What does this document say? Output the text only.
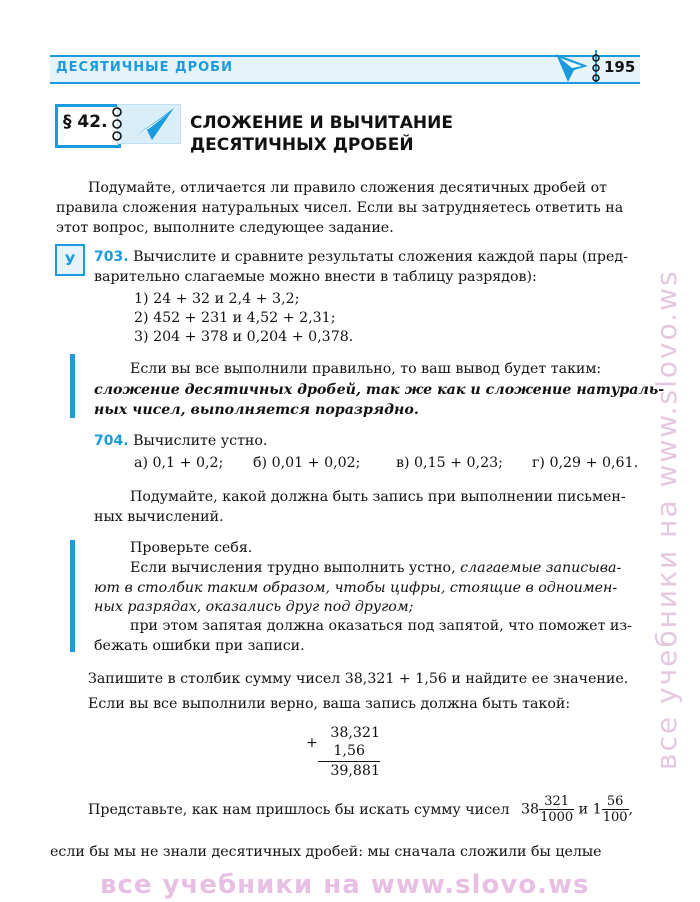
ДЕСЯТИЧНЫЕ ДРОБИ	195
§ 42.	СЛОЖЕНИЕ И ВЫЧИТАНИЕ
ДЕСЯТИЧНЫХ ДРОБЕЙ
Подумайте, отличается ли правило сложения десятичных дробей от
правила сложения натуральных чисел. Если вы затрудняетесь ответить на
этот вопрос, выполните следующее задание.
У	703. Вычислите и сравните результаты сложения каждой пары (пред-
варительно слагаемые можно внести в таблицу разрядов):
1) 24 + 32 и 2,4 + 3,2;
2) 452 + 231 и 4,52 + 2,31;
3) 204 + 378 и 0,204 + 0,378.
Если вы все выполнили правильно, то ваш вывод будет таким:
сложение десятичных дробей, так же как и сложение натураль-
ных чисел, выполняется поразрядно.
704. Вычислите устно.
а) 0,1 + 0,2; б) 0,01 + 0,02;	в) 0,15 + 0,23; г) 0,29 + 0,61.
Подумайте, какой должна быть запись при выполнении письмен-
ных вычислений.
Проверьте себя.
Если вычисления трудно выполнить устно, слагаемые записыва-
ют в столбик таким образом, чтобы цифры, стоящие в одноимен-
ных разрядах, оказались друг под другом;
при этом запятая должна оказаться под запятой, что поможет из-
бежать ошибки при записи.
Запишите в столбик сумму чисел 38,321 + 1,56 и найдите ее значение.
Если вы все выполнили верно, ваша запись должна быть такой:
38,321
1,56
39,881
+
Представьте, как нам пришлось бы искать сумму чисел $38 \frac{321}{1000}$ и $1 \frac{56}{100}$ ,
если бы мы не знали десятичных дробей: мы сначала сложили бы целые
все учебники на www.slovo.ws
все учебники на www.slovo.ws
